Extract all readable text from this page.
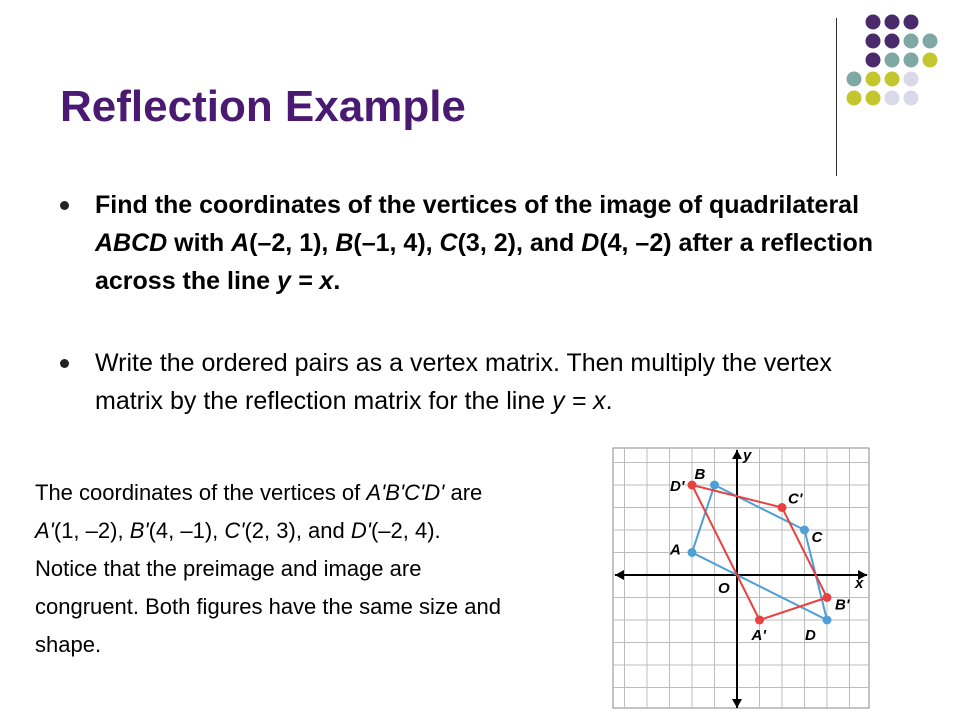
Reflection Example
Find the coordinates of the vertices of the image of quadrilateral ABCD with A(–2, 1), B(–1, 4), C(3, 2), and D(4, –2) after a reflection across the line y = x.
Write the ordered pairs as a vertex matrix. Then multiply the vertex matrix by the reflection matrix for the line y = x.
The coordinates of the vertices of A'B'C'D' are A'(1, –2), B'(4, –1), C'(2, 3), and D'(–2, 4). Notice that the preimage and image are congruent. Both figures have the same size and shape.
x
y
O
A
B
C
D
A'
B'
C'
D'
